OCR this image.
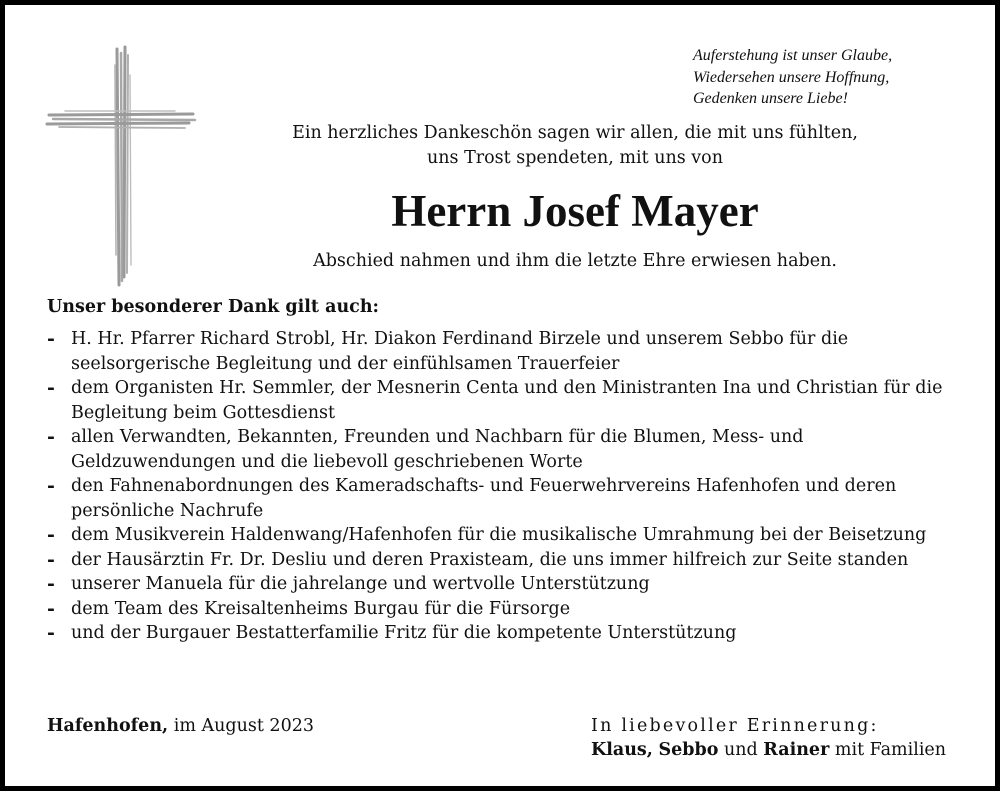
Auferstehung ist unser Glaube,
Wiedersehen unsere Hoffnung,
Gedenken unsere Liebe!
Ein herzliches Dankeschön sagen wir allen, die mit uns fühlten,
uns Trost spendeten, mit uns von
Herrn Josef Mayer
Abschied nahmen und ihm die letzte Ehre erwiesen haben.
Unser besonderer Dank gilt auch:
- H. Hr. Pfarrer Richard Strobl, Hr. Diakon Ferdinand Birzele und unserem Sebbo für die seelsorgerische Begleitung und der einfühlsamen Trauerfeier
- dem Organisten Hr. Semmler, der Mesnerin Centa und den Ministranten Ina und Christian für die Begleitung beim Gottesdienst
- allen Verwandten, Bekannten, Freunden und Nachbarn für die Blumen, Mess- und Geldzuwendungen und die liebevoll geschriebenen Worte
- den Fahnenabordnungen des Kameradschafts- und Feuerwehrvereins Hafenhofen und deren persönliche Nachrufe
- dem Musikverein Haldenwang/Hafenhofen für die musikalische Umrahmung bei der Beisetzung
- der Hausärztin Fr. Dr. Desliu und deren Praxisteam, die uns immer hilfreich zur Seite standen
- unserer Manuela für die jahrelange und wertvolle Unterstützung
- dem Team des Kreisaltenheims Burgau für die Fürsorge
- und der Burgauer Bestatterfamilie Fritz für die kompetente Unterstützung
Hafenhofen, im August 2023	In liebevoller Erinnerung:
Klaus, Sebbo und Rainer mit Familien
